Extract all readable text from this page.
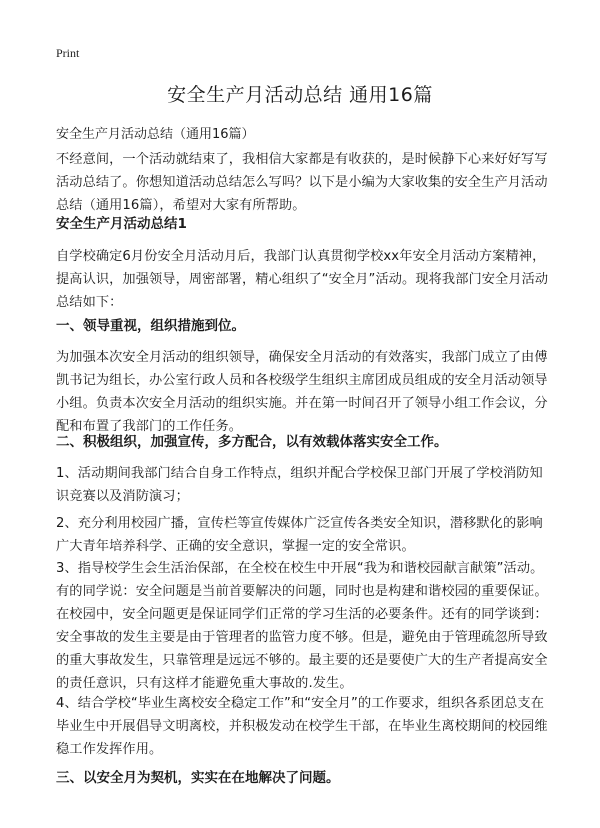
Print
安全生产月活动总结 通用16篇
安全生产月活动总结（通用16篇）

不经意间，一个活动就结束了，我相信大家都是有收获的，是时候静下心来好好写写活动总结了。你想知道活动总结怎么写吗？以下是小编为大家收集的安全生产月活动总结（通用16篇），希望对大家有所帮助。

安全生产月活动总结1

自学校确定6月份安全月活动月后，我部门认真贯彻学校xx年安全月活动方案精神，提高认识，加强领导，周密部署，精心组织了“安全月”活动。现将我部门安全月活动总结如下：

一、领导重视，组织措施到位。

为加强本次安全月活动的组织领导，确保安全月活动的有效落实，我部门成立了由傅凯书记为组长，办公室行政人员和各校级学生组织主席团成员组成的安全月活动领导小组。负责本次安全月活动的组织实施。并在第一时间召开了领导小组工作会议，分配和布置了我部门的工作任务。

二、积极组织，加强宣传，多方配合，以有效载体落实安全工作。

1、活动期间我部门结合自身工作特点，组织并配合学校保卫部门开展了学校消防知识竞赛以及消防演习；

2、充分利用校园广播，宣传栏等宣传媒体广泛宣传各类安全知识，潜移默化的影响广大青年培养科学、正确的安全意识，掌握一定的安全常识。

3、指导校学生会生活治保部，在全校在校生中开展“我为和谐校园献言献策”活动。有的同学说：安全问题是当前首要解决的问题，同时也是构建和谐校园的重要保证。在校园中，安全问题更是保证同学们正常的学习生活的必要条件。还有的同学谈到：安全事故的发生主要是由于管理者的监管力度不够。但是，避免由于管理疏忽所导致的重大事故发生，只靠管理是远远不够的。最主要的还是要使广大的生产者提高安全的责任意识，只有这样才能避免重大事故的.发生。

4、结合学校“毕业生离校安全稳定工作”和“安全月”的工作要求，组织各系团总支在毕业生中开展倡导文明离校，并积极发动在校学生干部，在毕业生离校期间的校园维稳工作发挥作用。

三、以安全月为契机，实实在在地解决了问题。
